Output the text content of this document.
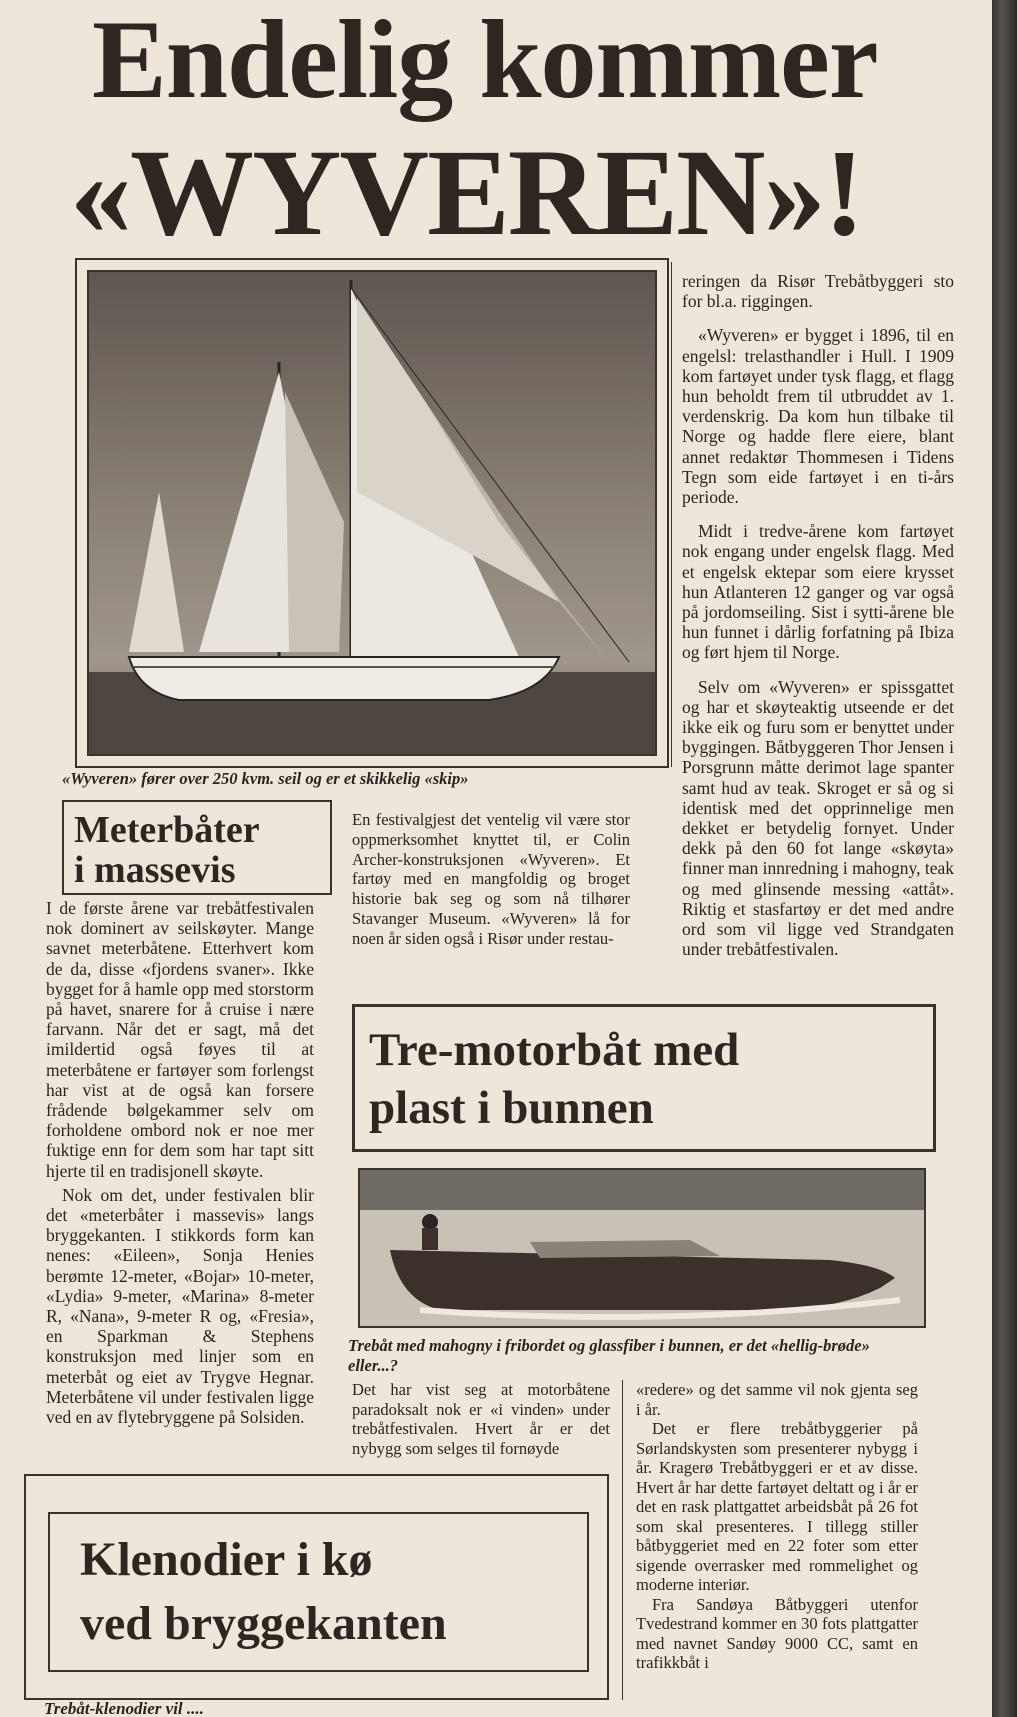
Endelig kommer
«WYVEREN»!
«Wyveren» fører over 250 kvm. seil og er et skikkelig «skip»

reringen da Risør Trebåtbyggeri sto for bl.a. riggingen.

«Wyveren» er bygget i 1896, til en engelsl: trelasthandler i Hull. I 1909 kom fartøyet under tysk flagg, et flagg hun beholdt frem til utbruddet av 1. verdenskrig. Da kom hun tilbake til Norge og hadde flere eiere, blant annet redaktør Thommesen i Tidens Tegn som eide fartøyet i en ti-års periode.

Midt i tredve-årene kom fartøyet nok engang under engelsk flagg. Med et engelsk ektepar som eiere krysset hun Atlanteren 12 ganger og var også på jordomseiling. Sist i sytti-årene ble hun funnet i dårlig forfatning på Ibiza og ført hjem til Norge.

Selv om «Wyveren» er spissgattet og har et skøyteaktig utseende er det ikke eik og furu som er benyttet under byggingen. Båtbyggeren Thor Jensen i Porsgrunn måtte derimot lage spanter samt hud av teak. Skroget er så og si identisk med det opprinnelige men dekket er betydelig fornyet. Under dekk på den 60 fot lange «skøyta» finner man innredning i mahogny, teak og med glinsende messing «attåt». Riktig et stasfartøy er det med andre ord som vil ligge ved Strandgaten under trebåtfestivalen.

Meterbåter
i massevis

En festivalgjest det ventelig vil være stor oppmerksomhet knyttet til, er Colin Archer-konstruksjonen «Wyveren». Et fartøy med en mangfoldig og broget historie bak seg og som nå tilhører Stavanger Museum. «Wyveren» lå for noen år siden også i Risør under restau-

I de første årene var trebåtfestivalen nok dominert av seilskøyter. Mange savnet meterbåtene. Etterhvert kom de da, disse «fjordens svaner». Ikke bygget for å hamle opp med storstorm på havet, snarere for å cruise i nære farvann. Når det er sagt, må det imildertid også føyes til at meterbåtene er fartøyer som forlengst har vist at de også kan forsere frådende bølgekammer selv om forholdene ombord nok er noe mer fuktige enn for dem som har tapt sitt hjerte til en tradisjonell skøyte.

Nok om det, under festivalen blir det «meterbåter i massevis» langs bryggekanten. I stikkords form kan nenes: «Eileen», Sonja Henies berømte 12-meter, «Bojar» 10-meter, «Lydia» 9-meter, «Marina» 8-meter R, «Nana», 9-meter R og, «Fresia», en Sparkman & Stephens konstruksjon med linjer som en meterbåt og eiet av Trygve Hegnar. Meterbåtene vil under festivalen ligge ved en av flytebryggene på Solsiden.

Tre-motorbåt med
plast i bunnen
Trebåt med mahogny i fribordet og glassfiber i bunnen, er det «hellig-brøde» eller...?

Det har vist seg at motorbåtene paradoksalt nok er «i vinden» under trebåtfestivalen. Hvert år er det nybygg som selges til fornøyde

«redere» og det samme vil nok gjenta seg i år.

Det er flere trebåtbyggerier på Sørlandskysten som presenterer nybygg i år. Kragerø Trebåtbyggeri er et av disse. Hvert år har dette fartøyet deltatt og i år er det en rask plattgattet arbeidsbåt på 26 fot som skal presenteres. I tillegg stiller båtbyggeriet med en 22 foter som etter sigende overrasker med rommelighet og moderne interiør.

Fra Sandøya Båtbyggeri utenfor Tvedestrand kommer en 30 fots plattgatter med navnet Sandøy 9000 CC, samt en trafikkbåt i

Klenodier i kø
ved bryggekanten
Trebåt-klenodier vil ....
